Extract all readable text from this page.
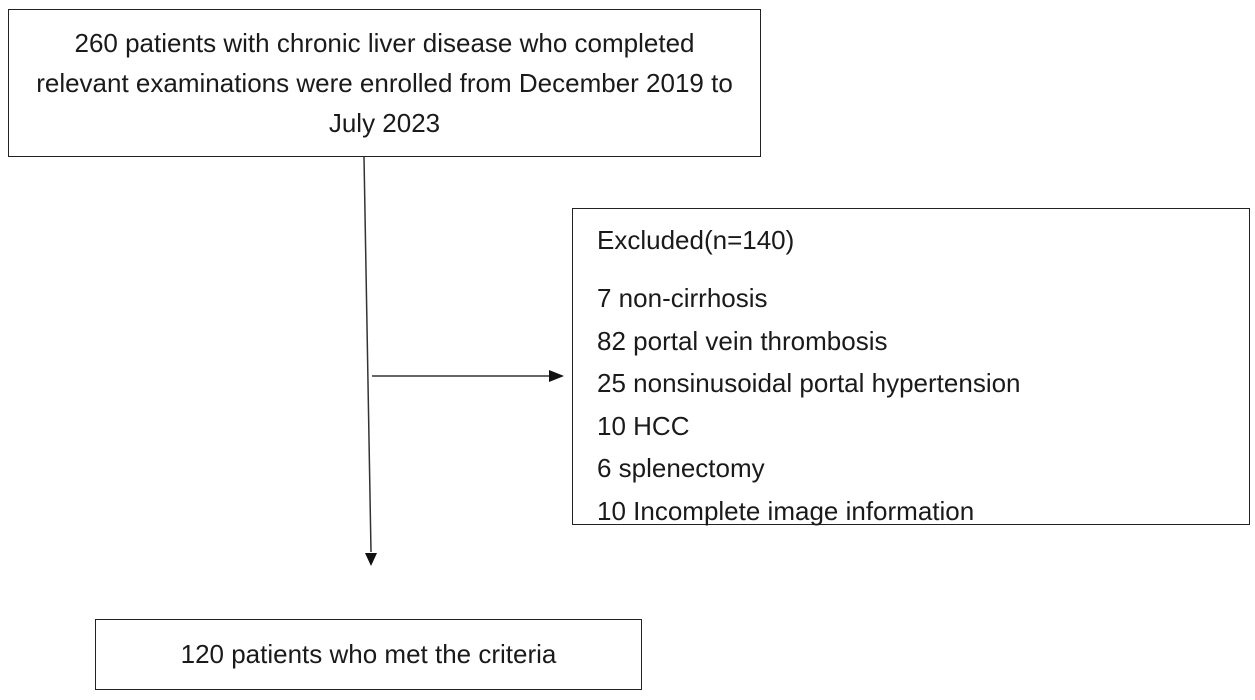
260 patients with chronic liver disease who completed relevant examinations were enrolled from December 2019 to July 2023
Excluded(n=140)
7 non-cirrhosis
82 portal vein thrombosis
25 nonsinusoidal portal hypertension
10 HCC
6 splenectomy
10 Incomplete image information
120 patients who met the criteria
